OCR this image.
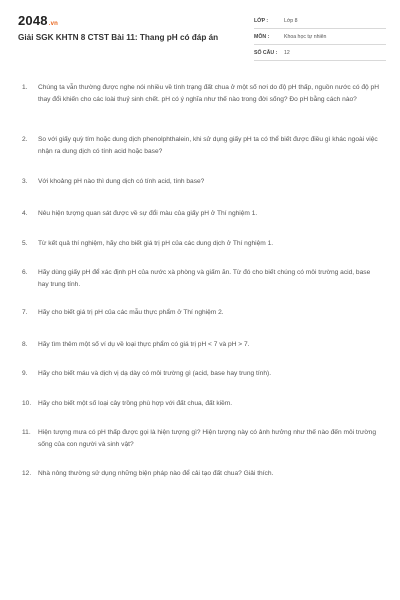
2048.vn
Giải SGK KHTN 8 CTST Bài 11: Thang pH có đáp án
LỚP :	Lớp 8
MÔN :	Khoa học tự nhiên
SỐ CÂU :	12
1.	Chúng ta vẫn thường được nghe nói nhiều về tình trạng đất chua ở một số nơi do độ pH thấp, nguồn nước có độ pH thay đổi khiến cho các loài thuỷ sinh chết. pH có ý nghĩa như thế nào trong đời sống? Đo pH bằng cách nào?
2.	So với giấy quỳ tím hoặc dung dịch phenolphthalein, khi sử dụng giấy pH ta có thể biết được điều gì khác ngoài việc nhận ra dung dịch có tính acid hoặc base?
3.	Với khoảng pH nào thì dung dịch có tính acid, tính base?
4.	Nêu hiện tượng quan sát được về sự đổi màu của giấy pH ở Thí nghiệm 1.
5.	Từ kết quả thí nghiệm, hãy cho biết giá trị pH của các dung dịch ở Thí nghiệm 1.
6.	Hãy dùng giấy pH để xác định pH của nước xà phòng và giấm ăn. Từ đó cho biết chúng có môi trường acid, base hay trung tính.
7.	Hãy cho biết giá trị pH của các mẫu thực phẩm ở Thí nghiệm 2.
8.	Hãy tìm thêm một số ví dụ về loại thực phẩm có giá trị pH < 7 và pH > 7.
9.	Hãy cho biết máu và dịch vị dạ dày có môi trường gì (acid, base hay trung tính).
10.	Hãy cho biết một số loại cây trồng phù hợp với đất chua, đất kiềm.
11.	Hiện tượng mưa có pH thấp được gọi là hiện tượng gì? Hiện tượng này có ảnh hưởng như thế nào đến môi trường sống của con người và sinh vật?
12.	Nhà nông thường sử dụng những biện pháp nào để cải tạo đất chua? Giải thích.
